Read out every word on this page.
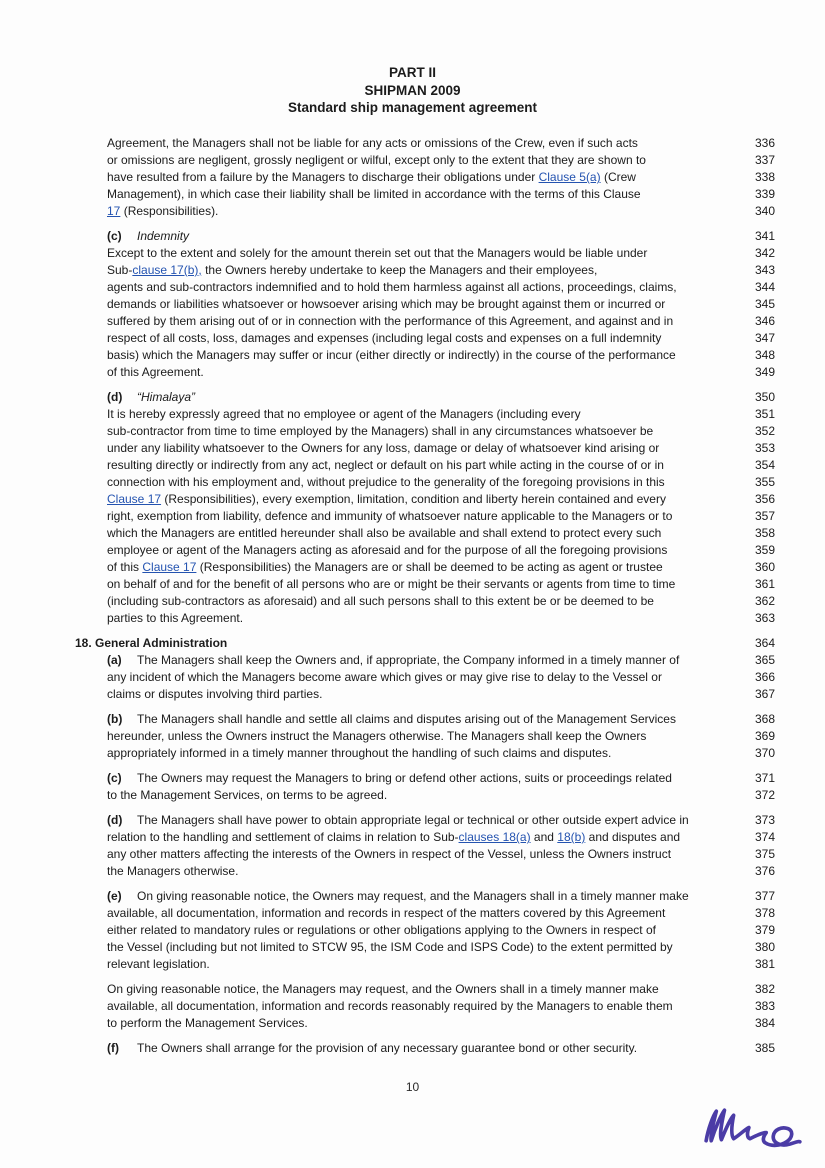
PART II
SHIPMAN 2009
Standard ship management agreement
Agreement, the Managers shall not be liable for any acts or omissions of the Crew, even if such acts	336
or omissions are negligent, grossly negligent or wilful, except only to the extent that they are shown to	337
have resulted from a failure by the Managers to discharge their obligations under Clause 5(a) (Crew	338
Management), in which case their liability shall be limited in accordance with the terms of this Clause	339
17 (Responsibilities).	340
(c) Indemnity	341
Except to the extent and solely for the amount therein set out that the Managers would be liable under	342
Sub-clause 17(b), the Owners hereby undertake to keep the Managers and their employees,	343
agents and sub-contractors indemnified and to hold them harmless against all actions, proceedings, claims,	344
demands or liabilities whatsoever or howsoever arising which may be brought against them or incurred or	345
suffered by them arising out of or in connection with the performance of this Agreement, and against and in	346
respect of all costs, loss, damages and expenses (including legal costs and expenses on a full indemnity	347
basis) which the Managers may suffer or incur (either directly or indirectly) in the course of the performance	348
of this Agreement.	349
(d) “Himalaya”	350
It is hereby expressly agreed that no employee or agent of the Managers (including every	351
sub-contractor from time to time employed by the Managers) shall in any circumstances whatsoever be	352
under any liability whatsoever to the Owners for any loss, damage or delay of whatsoever kind arising or	353
resulting directly or indirectly from any act, neglect or default on his part while acting in the course of or in	354
connection with his employment and, without prejudice to the generality of the foregoing provisions in this	355
Clause 17 (Responsibilities), every exemption, limitation, condition and liberty herein contained and every	356
right, exemption from liability, defence and immunity of whatsoever nature applicable to the Managers or to	357
which the Managers are entitled hereunder shall also be available and shall extend to protect every such	358
employee or agent of the Managers acting as aforesaid and for the purpose of all the foregoing provisions	359
of this Clause 17 (Responsibilities) the Managers are or shall be deemed to be acting as agent or trustee	360
on behalf of and for the benefit of all persons who are or might be their servants or agents from time to time	361
(including sub-contractors as aforesaid) and all such persons shall to this extent be or be deemed to be	362
parties to this Agreement.	363
18. General Administration	364
(a) The Managers shall keep the Owners and, if appropriate, the Company informed in a timely manner of	365
any incident of which the Managers become aware which gives or may give rise to delay to the Vessel or	366
claims or disputes involving third parties.	367
(b) The Managers shall handle and settle all claims and disputes arising out of the Management Services	368
hereunder, unless the Owners instruct the Managers otherwise. The Managers shall keep the Owners	369
appropriately informed in a timely manner throughout the handling of such claims and disputes.	370
(c) The Owners may request the Managers to bring or defend other actions, suits or proceedings related	371
to the Management Services, on terms to be agreed.	372
(d) The Managers shall have power to obtain appropriate legal or technical or other outside expert advice in	373
relation to the handling and settlement of claims in relation to Sub-clauses 18(a) and 18(b) and disputes and	374
any other matters affecting the interests of the Owners in respect of the Vessel, unless the Owners instruct	375
the Managers otherwise.	376
(e) On giving reasonable notice, the Owners may request, and the Managers shall in a timely manner make	377
available, all documentation, information and records in respect of the matters covered by this Agreement	378
either related to mandatory rules or regulations or other obligations applying to the Owners in respect of	379
the Vessel (including but not limited to STCW 95, the ISM Code and ISPS Code) to the extent permitted by	380
relevant legislation.	381
On giving reasonable notice, the Managers may request, and the Owners shall in a timely manner make	382
available, all documentation, information and records reasonably required by the Managers to enable them	383
to perform the Management Services.	384
(f) The Owners shall arrange for the provision of any necessary guarantee bond or other security.	385
10
